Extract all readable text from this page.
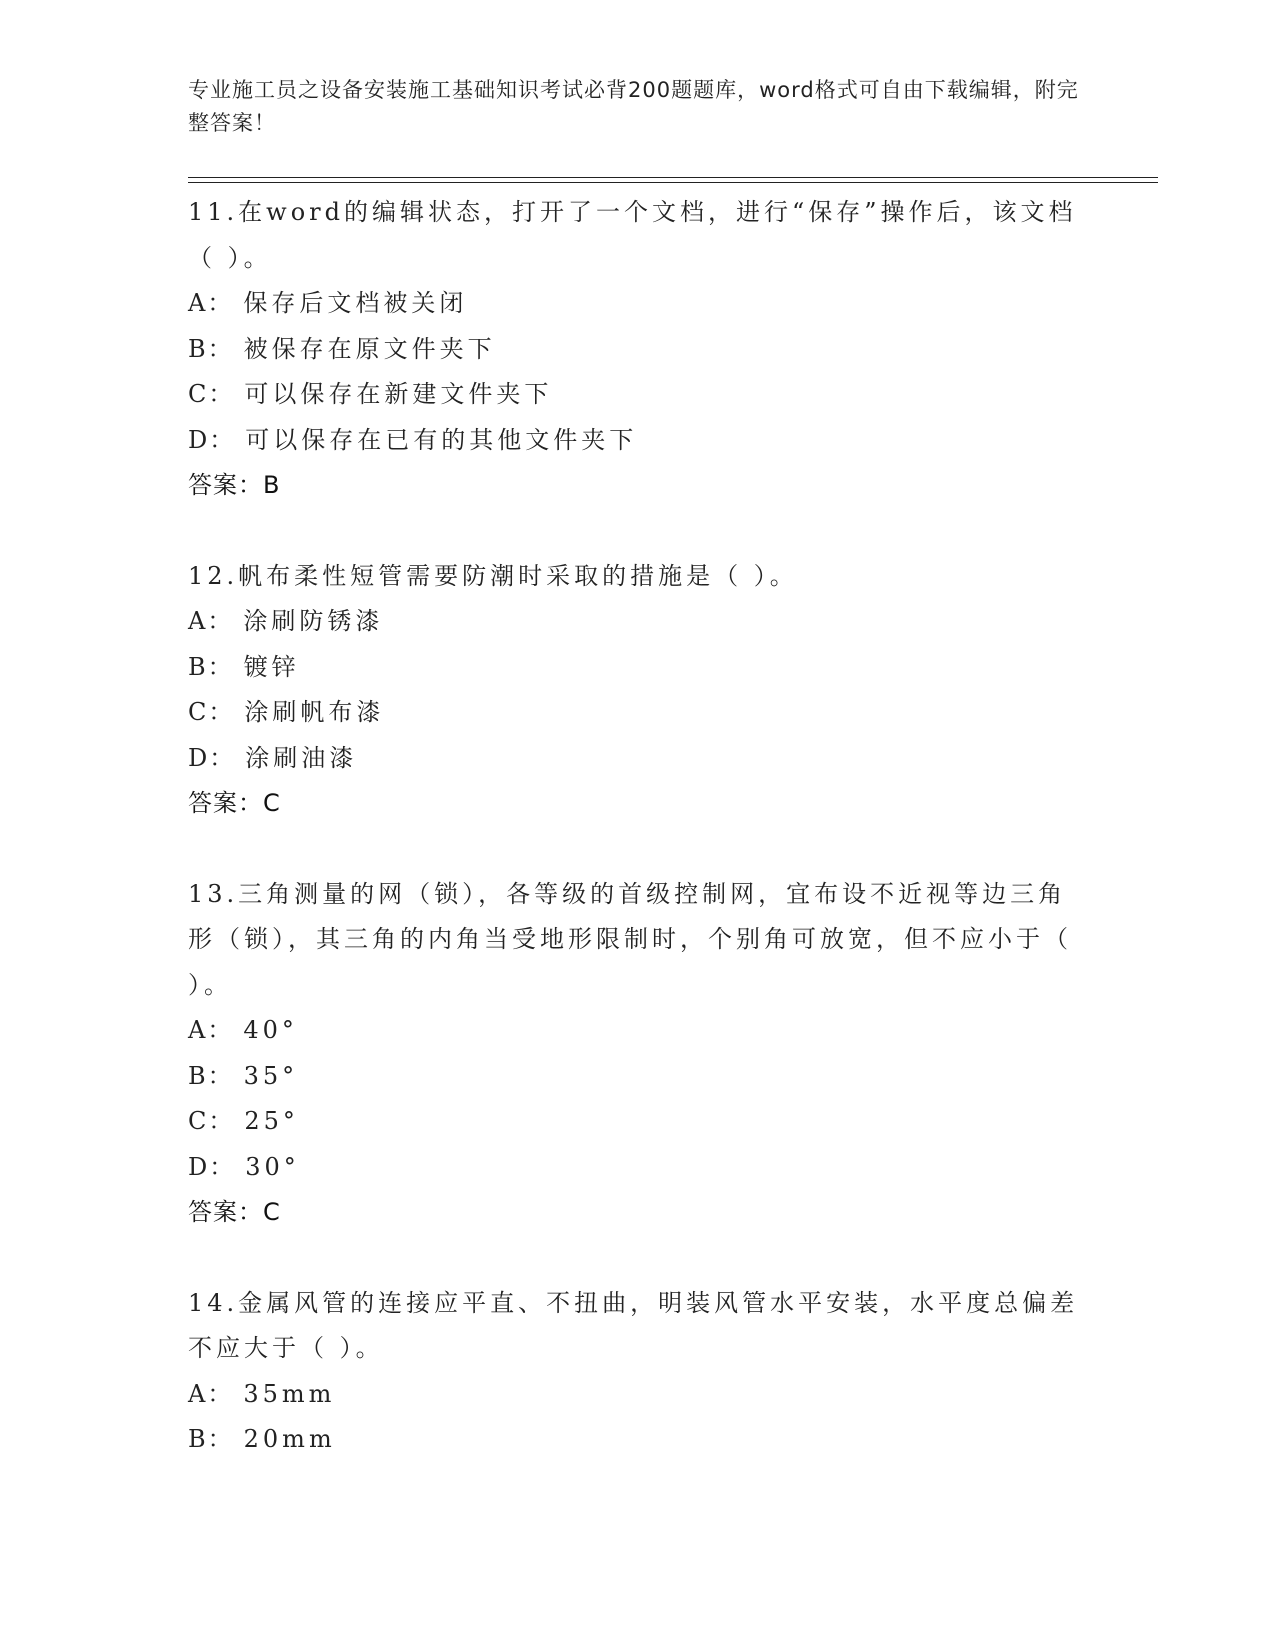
专业施工员之设备安装施工基础知识考试必背200题题库，word格式可自由下载编辑，附完整答案！
11.在word的编辑状态，打开了一个文档，进行“保存”操作后，该文档（ ）。
A： 保存后文档被关闭
B： 被保存在原文件夹下
C： 可以保存在新建文件夹下
D： 可以保存在已有的其他文件夹下
答案：B
12.帆布柔性短管需要防潮时采取的措施是（ ）。
A： 涂刷防锈漆
B： 镀锌
C： 涂刷帆布漆
D： 涂刷油漆
答案：C
13.三角测量的网（锁），各等级的首级控制网，宜布设不近视等边三角形（锁），其三角的内角当受地形限制时，个别角可放宽，但不应小于（ ）。
A： 40°
B： 35°
C： 25°
D： 30°
答案：C
14.金属风管的连接应平直、不扭曲，明装风管水平安装，水平度总偏差不应大于（ ）。
A： 35mm
B： 20mm
